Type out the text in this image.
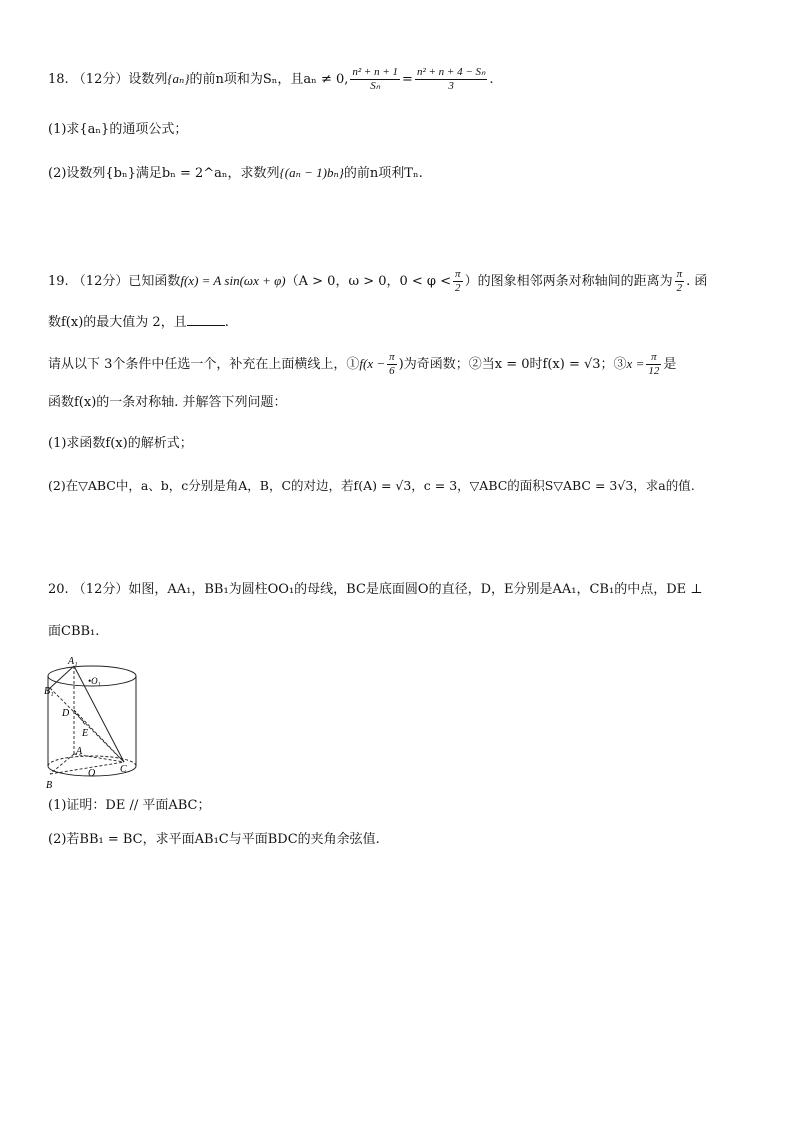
18. （12分）设数列{aₙ}的前n项和为Sₙ，且aₙ ≠ 0, $\frac{\text{n² + n + 1}}{\text{Sₙ}} = \frac{\text{n² + n + 4 − Sₙ}}{3}$ .
(1)求{aₙ}的通项公式；
(2)设数列{bₙ}满足bₙ = 2^aₙ，求数列{(aₙ − 1)bₙ}的前n项利Tₙ.
19. （12分）已知函数f(x) = A sin(ωx + φ)（A > 0，ω > 0，$0 < \varphi < \frac{\pi}{2}$ ）的图象相邻两条对称轴间的距离为 $\frac{\pi}{2}$ . 函
数f(x)的最大值为 2，且	.
请从以下 3个条件中任选一个，补充在上面横线上，①f(x − $\frac{\pi}{6}$ )为奇函数；②当x = 0时f(x) = √3；③x = $\frac{\pi}{12}$ 是
函数f(x)的一条对称轴. 并解答下列问题：
(1)求函数f(x)的解析式；
(2)在▽ABC中，a、b，c分别是角A，B，C的对边，若f(A) = √3，c = 3，▽ABC的面积S▽ABC = 3√3，求a的值.
20. （12分）如图，AA₁，BB₁为圆柱OO₁的母线，BC是底面圆O的直径，D，E分别是AA₁，CB₁的中点，DE ⊥
面CBB₁.
A₁
•O₁
B₁
D
E
A
C
O
B
(1)证明：DE // 平面ABC；
(2)若BB₁ = BC，求平面AB₁C与平面BDC的夹角余弦值.
